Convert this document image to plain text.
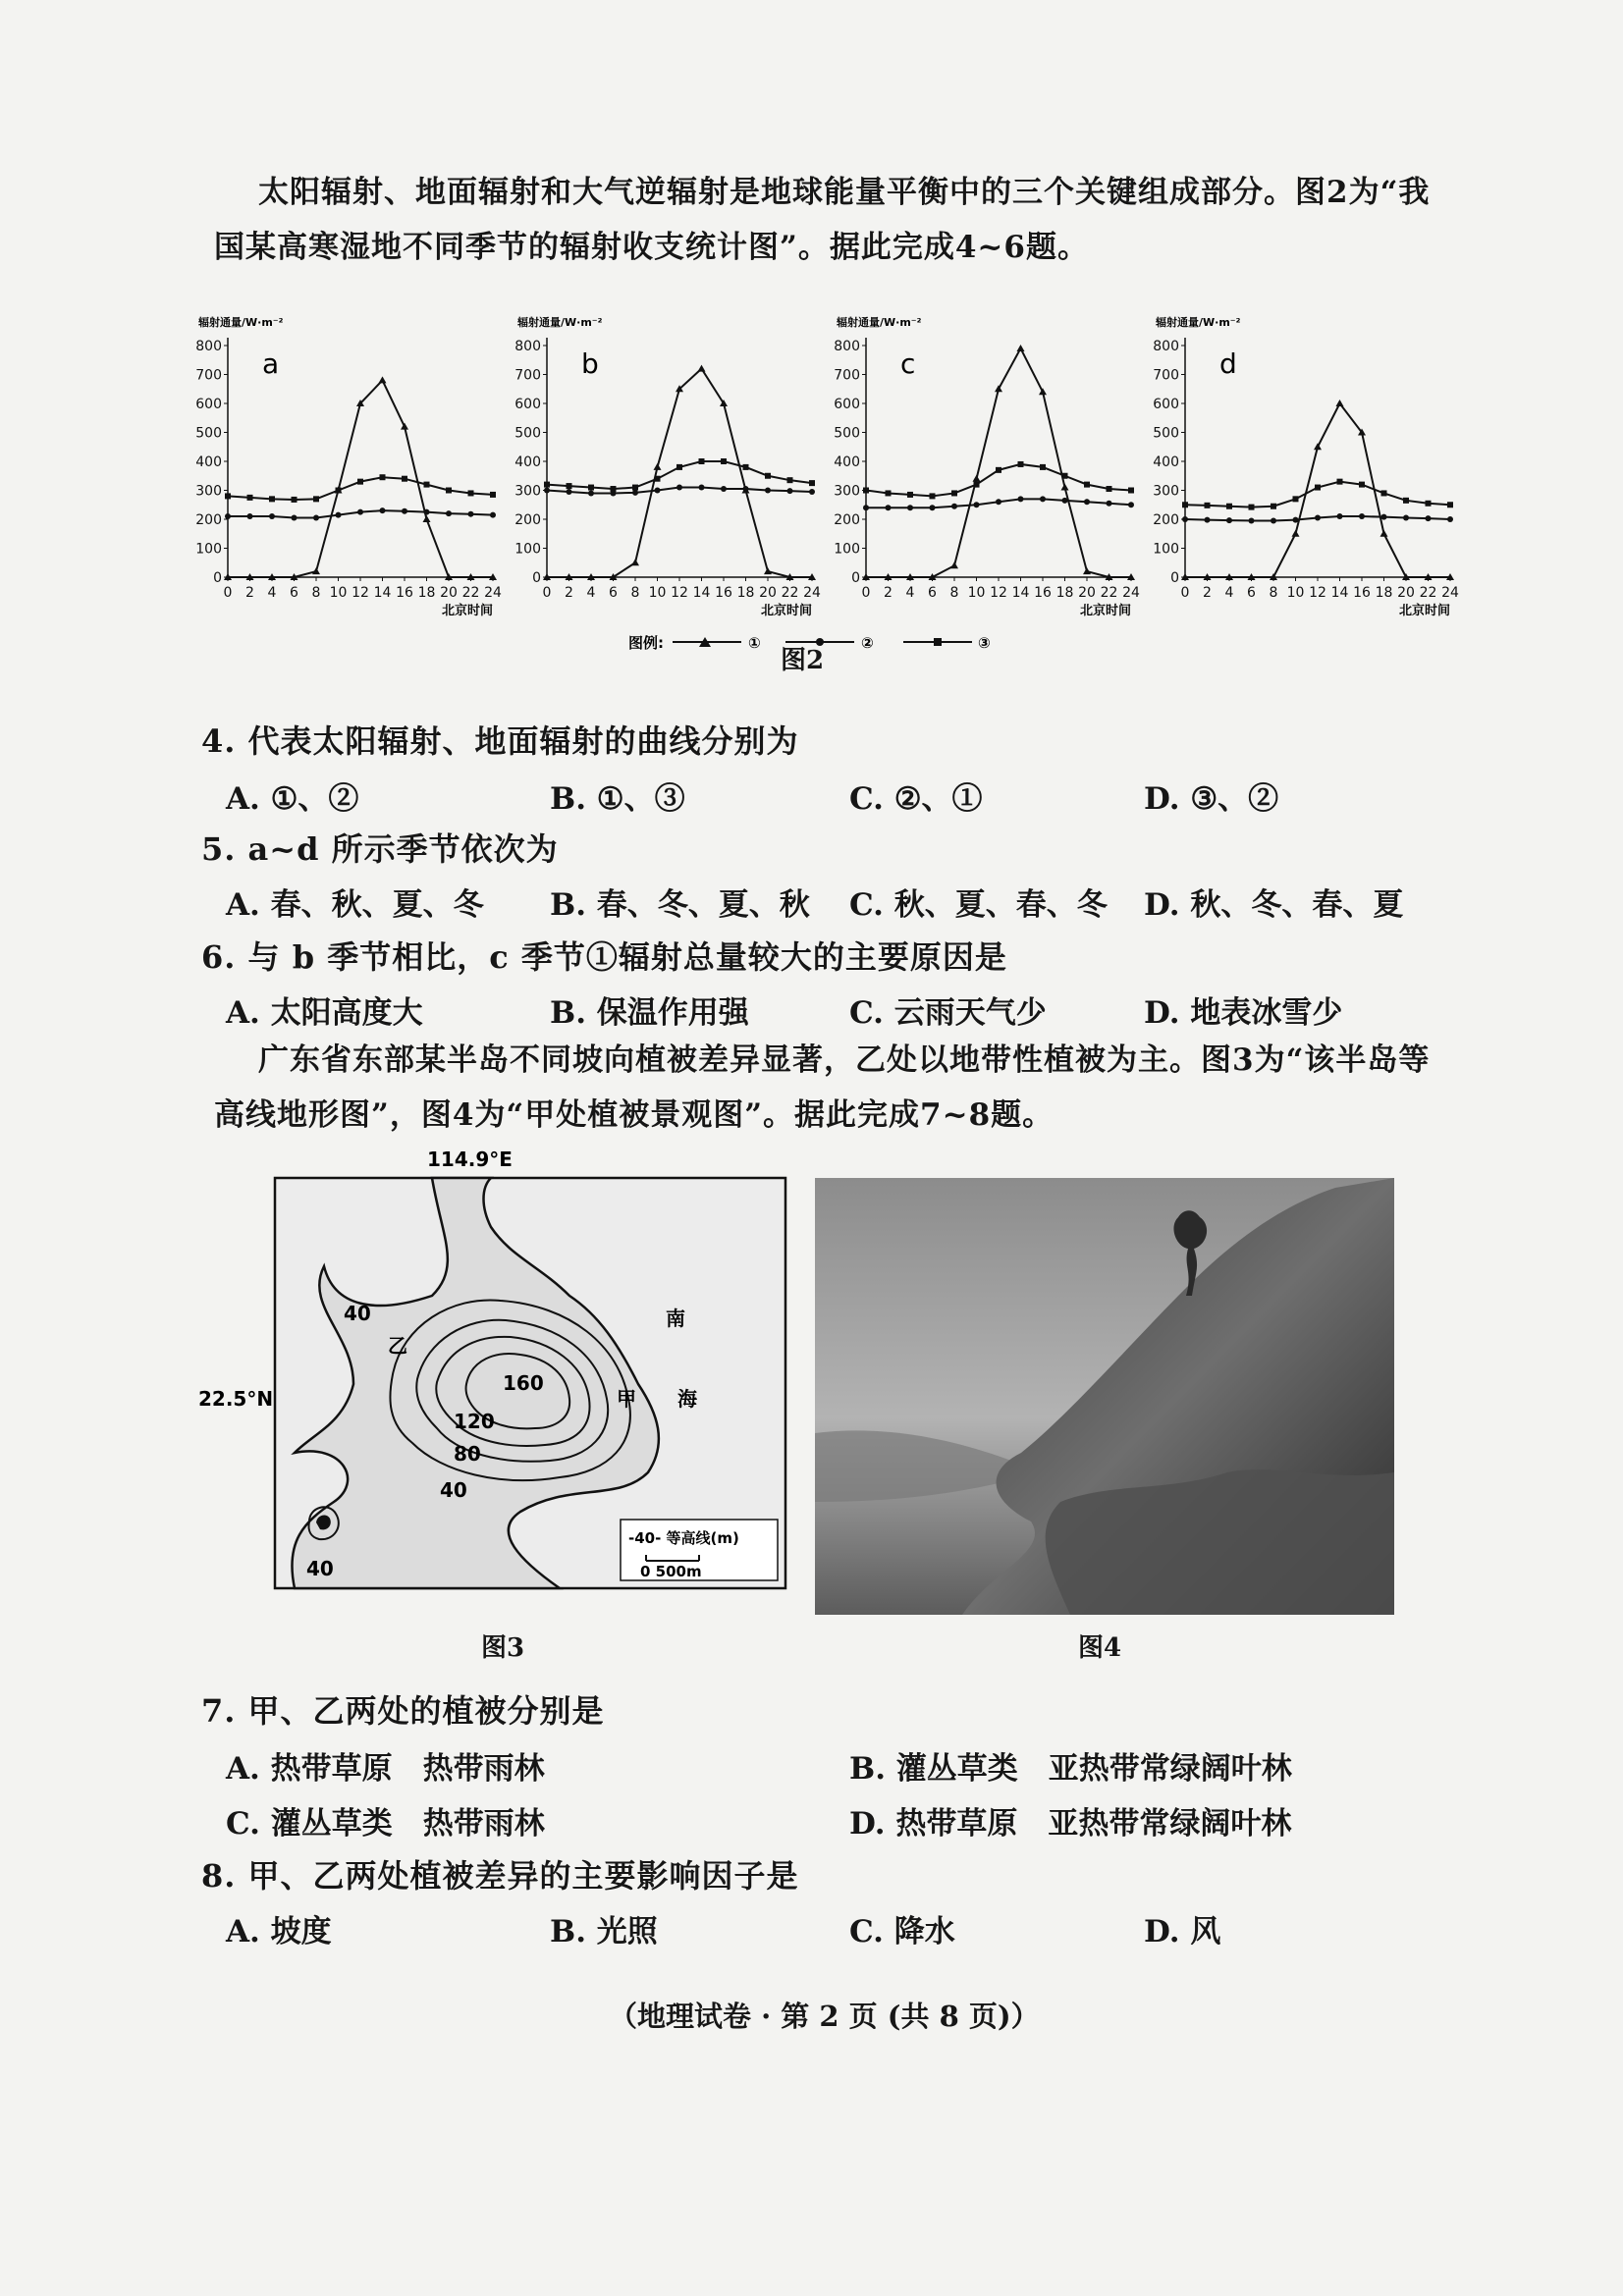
太阳辐射、地面辐射和大气逆辐射是地球能量平衡中的三个关键组成部分。图2为“我国某高寒湿地不同季节的辐射收支统计图”。据此完成4~6题。
辐射通量/W·m⁻²
0
100
200
300
400
500
600
700
800
0 2 4 6 8 10 12 14 16 18 20 22 24
北京时间
a
辐射通量/W·m⁻²
0
100
200
300
400
500
600
700
800
0 2 4 6 8 10 12 14 16 18 20 22 24
北京时间
b
辐射通量/W·m⁻²
0
100
200
300
400
500
600
700
800
0 2 4 6 8 10 12 14 16 18 20 22 24
北京时间
c
辐射通量/W·m⁻²
0
100
200
300
400
500
600
700
800
0 2 4 6 8 10 12 14 16 18 20 22 24
北京时间
d
图例:	①	②	③
图2
4. 代表太阳辐射、地面辐射的曲线分别为
A. ①、②	B. ①、③	C. ②、①	D. ③、②
5. a~d 所示季节依次为
A. 春、秋、夏、冬 B. 春、冬、夏、秋 C. 秋、夏、春、冬 D. 秋、冬、春、夏
6. 与 b 季节相比，c 季节①辐射总量较大的主要原因是
A. 太阳高度大	B. 保温作用强	C. 云雨天气少	D. 地表冰雪少
广东省东部某半岛不同坡向植被差异显著，乙处以地带性植被为主。图3为“该半岛等高线地形图”，图4为“甲处植被景观图”。据此完成7~8题。
114.9°E
22.5°N
南
海
160
120
80
40
40
40
甲
乙
-40- 等高线(m)
0 500m
图3	图4
7. 甲、乙两处的植被分别是
A. 热带草原　热带雨林	B. 灌丛草类　亚热带常绿阔叶林
C. 灌丛草类　热带雨林	D. 热带草原　亚热带常绿阔叶林
8. 甲、乙两处植被差异的主要影响因子是
A. 坡度	B. 光照	C. 降水	D. 风
（地理试卷 · 第 2 页 (共 8 页)）
